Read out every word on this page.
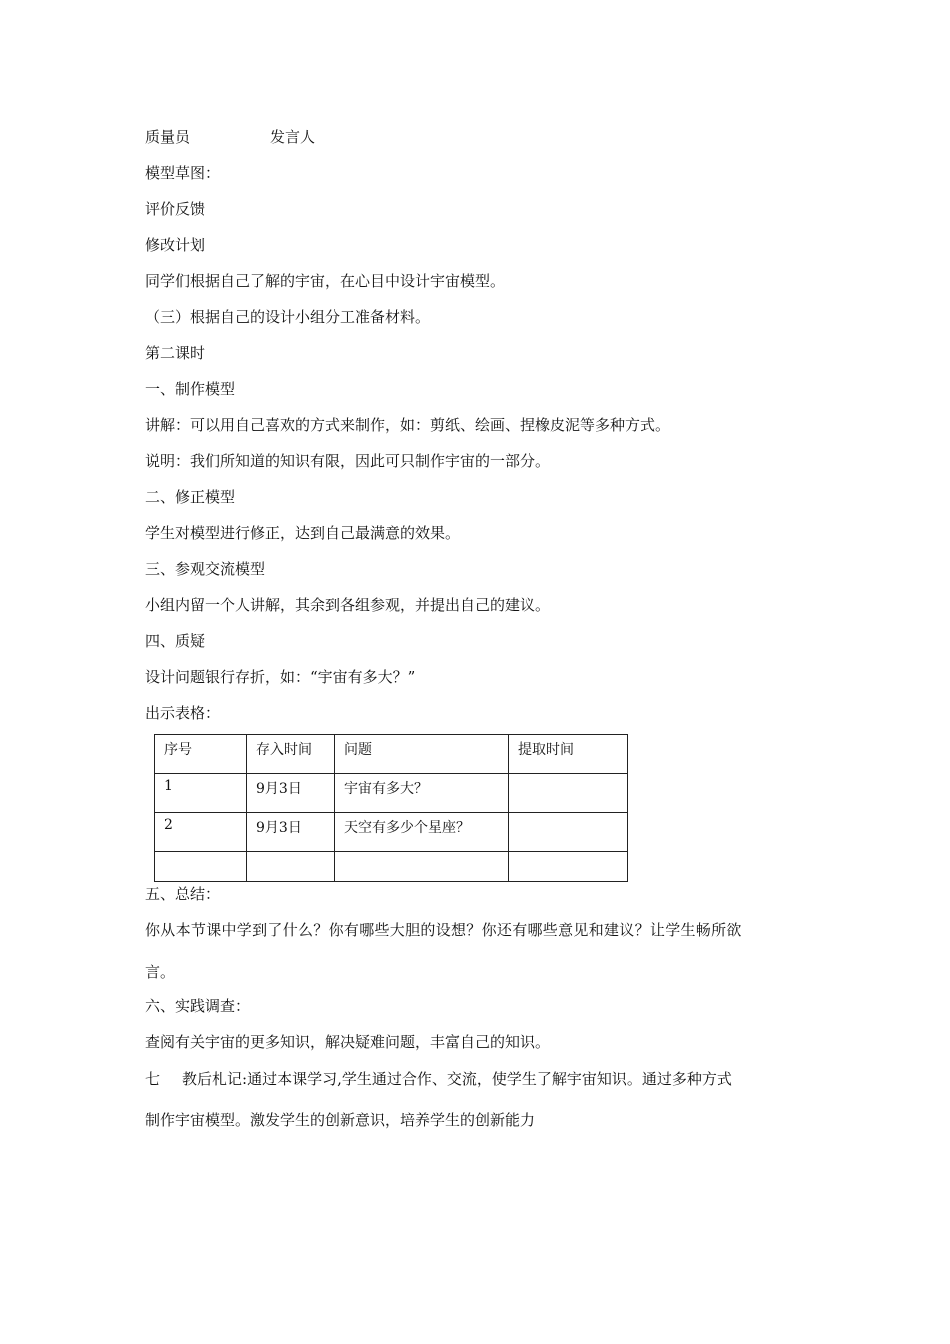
质量员	发言人
模型草图：
评价反馈
修改计划
同学们根据自己了解的宇宙，在心目中设计宇宙模型。
（三）根据自己的设计小组分工准备材料。
第二课时
一、制作模型
讲解：可以用自己喜欢的方式来制作，如：剪纸、绘画、捏橡皮泥等多种方式。
说明：我们所知道的知识有限，因此可只制作宇宙的一部分。
二、修正模型
学生对模型进行修正，达到自己最满意的效果。
三、参观交流模型
小组内留一个人讲解，其余到各组参观，并提出自己的建议。
四、质疑
设计问题银行存折，如：“宇宙有多大？”
出示表格：
序号	存入时间	问题	提取时间
1	9月3日	宇宙有多大？	
2	9月3日	天空有多少个星座？	

五、总结：
你从本节课中学到了什么？你有哪些大胆的设想？你还有哪些意见和建议？让学生畅所欲
言。
六、实践调查：
查阅有关宇宙的更多知识，解决疑难问题，丰富自己的知识。
七 教后札记:通过本课学习,学生通过合作、交流，使学生了解宇宙知识。通过多种方式
制作宇宙模型。激发学生的创新意识，培养学生的创新能力
